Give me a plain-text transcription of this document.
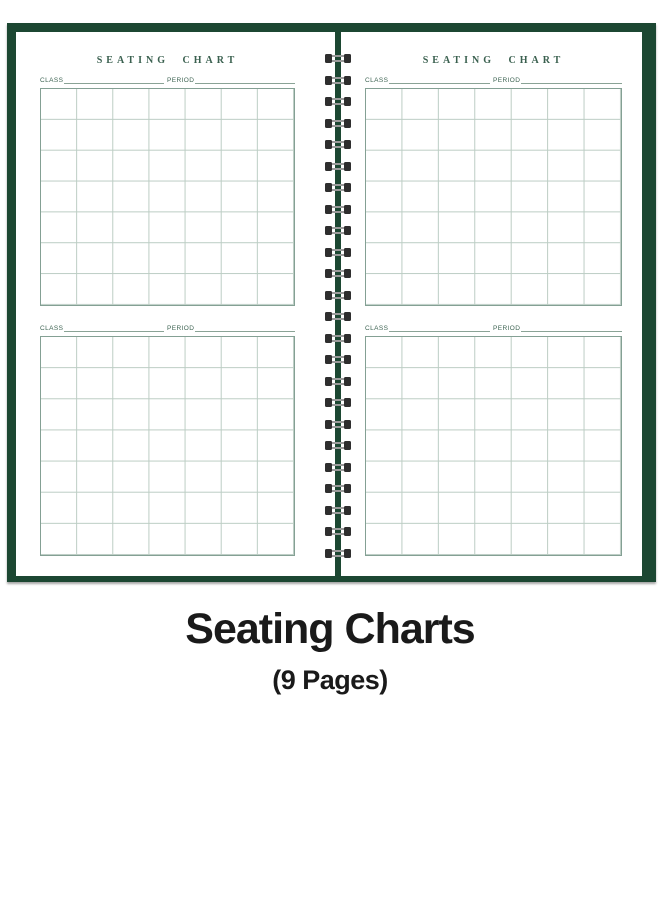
SEATING CHART
CLASS	PERIOD
CLASS	PERIOD
SEATING CHART
CLASS	PERIOD
CLASS	PERIOD
Seating Charts
(9 Pages)
